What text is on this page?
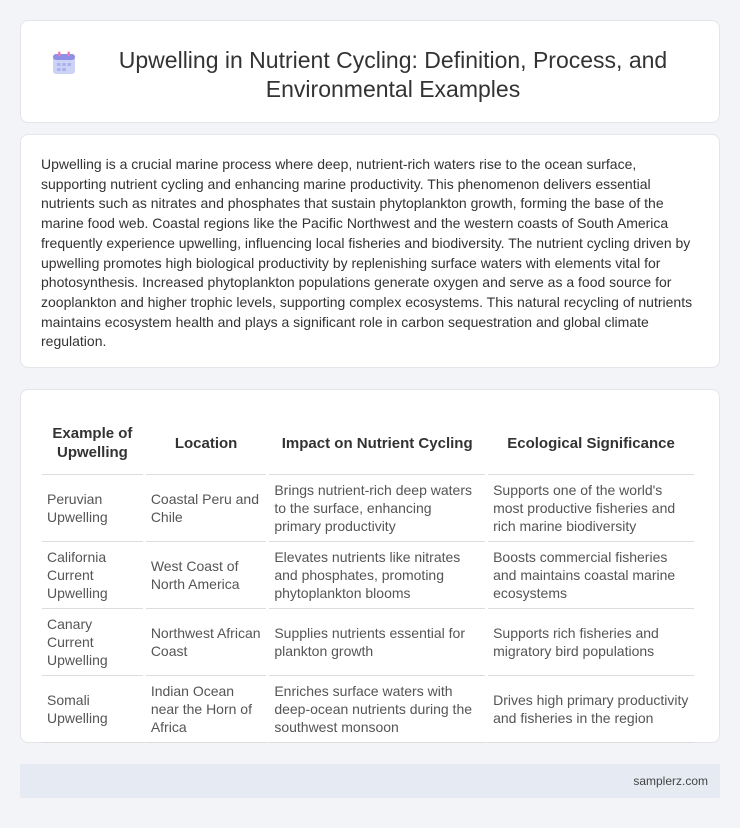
Upwelling in Nutrient Cycling: Definition, Process, and Environmental Examples

Upwelling is a crucial marine process where deep, nutrient-rich waters rise to the ocean surface, supporting nutrient cycling and enhancing marine productivity. This phenomenon delivers essential nutrients such as nitrates and phosphates that sustain phytoplankton growth, forming the base of the marine food web. Coastal regions like the Pacific Northwest and the western coasts of South America frequently experience upwelling, influencing local fisheries and biodiversity. The nutrient cycling driven by upwelling promotes high biological productivity by replenishing surface waters with elements vital for photosynthesis. Increased phytoplankton populations generate oxygen and serve as a food source for zooplankton and higher trophic levels, supporting complex ecosystems. This natural recycling of nutrients maintains ecosystem health and plays a significant role in carbon sequestration and global climate regulation.

Example of Upwelling	Location	Impact on Nutrient Cycling	Ecological Significance
Peruvian Upwelling	Coastal Peru and Chile	Brings nutrient-rich deep waters to the surface, enhancing primary productivity	Supports one of the world's most productive fisheries and rich marine biodiversity
California Current Upwelling	West Coast of North America	Elevates nutrients like nitrates and phosphates, promoting phytoplankton blooms	Boosts commercial fisheries and maintains coastal marine ecosystems
Canary Current Upwelling	Northwest African Coast	Supplies nutrients essential for plankton growth	Supports rich fisheries and migratory bird populations
Somali Upwelling	Indian Ocean near the Horn of Africa	Enriches surface waters with deep-ocean nutrients during the southwest monsoon	Drives high primary productivity and fisheries in the region
samplerz.com
